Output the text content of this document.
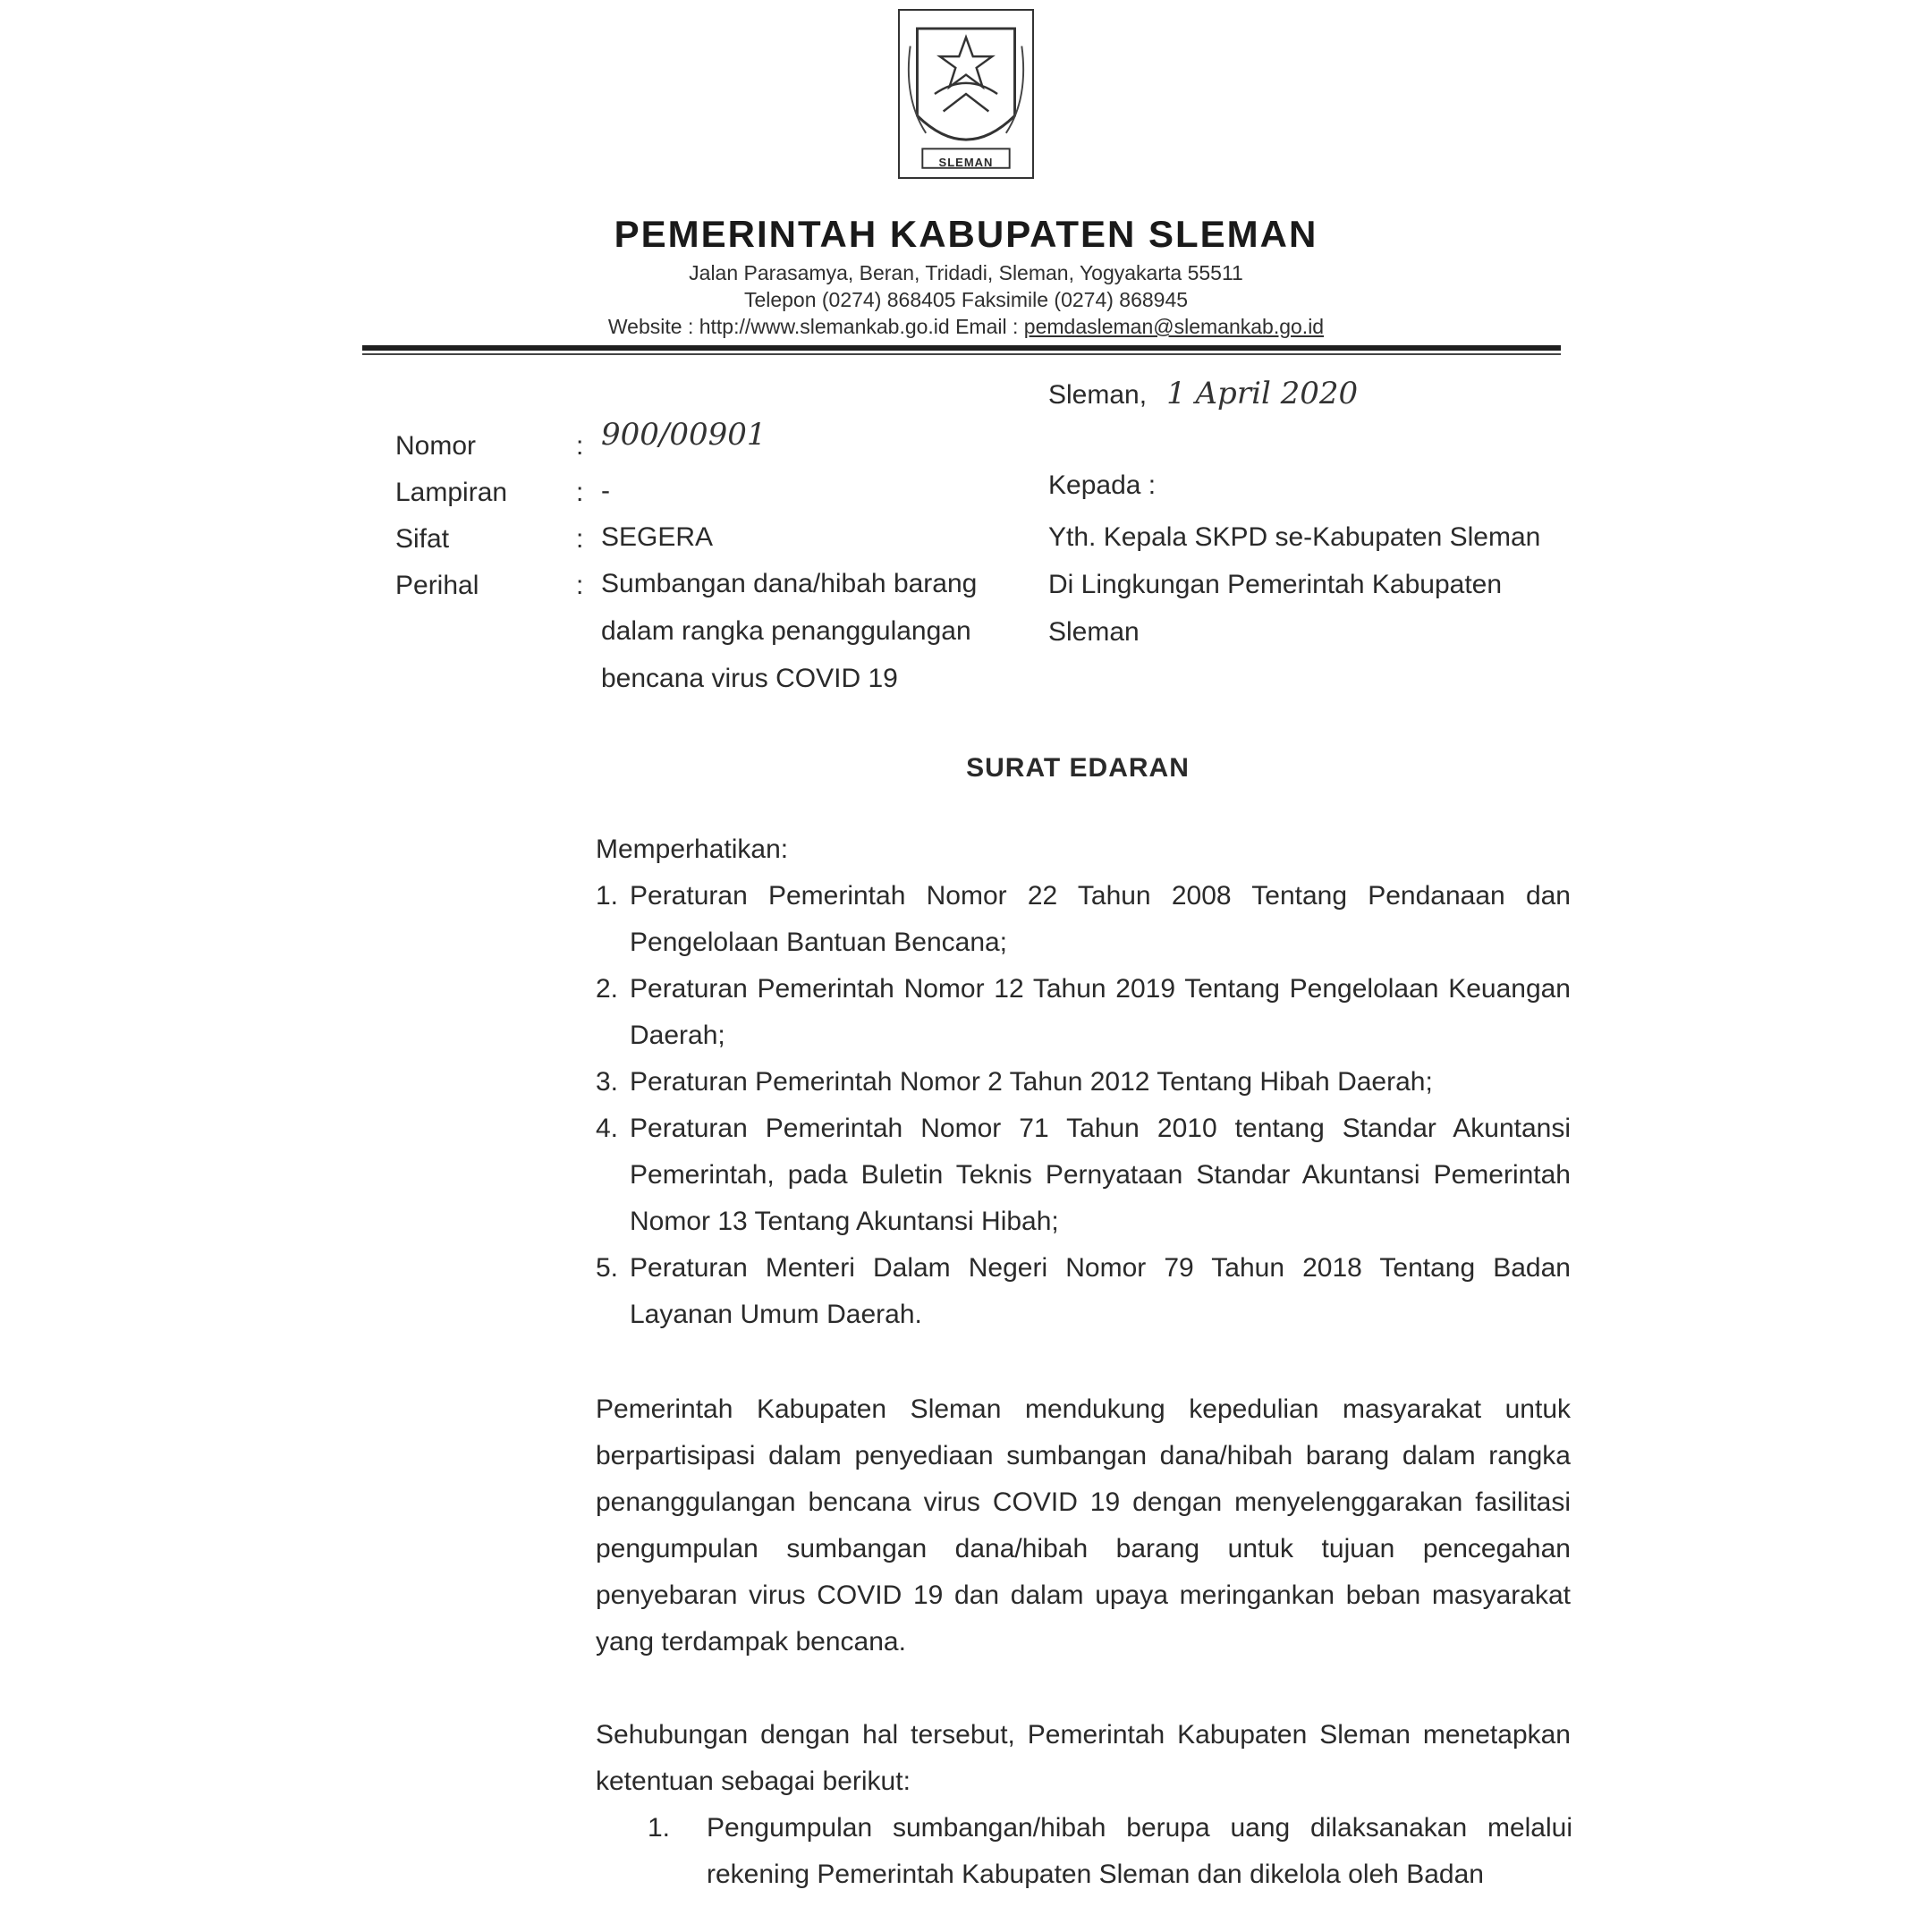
SLEMAN
PEMERINTAH KABUPATEN SLEMAN
Jalan Parasamya, Beran, Tridadi, Sleman, Yogyakarta 55511
Telepon (0274) 868405 Faksimile (0274) 868945
Website : http://www.slemankab.go.id Email : pemdasleman@slemankab.go.id
Sleman, 1 April 2020
Kepada :
Yth. Kepala SKPD se-Kabupaten Sleman Di Lingkungan Pemerintah Kabupaten Sleman
Nomor	: 900/00901
Lampiran	: -
Sifat	: SEGERA
Perihal	: Sumbangan dana/hibah barang dalam rangka penanggulangan bencana virus COVID 19
SURAT EDARAN
Memperhatikan:
1. Peraturan Pemerintah Nomor 22 Tahun 2008 Tentang Pendanaan dan Pengelolaan Bantuan Bencana;
2. Peraturan Pemerintah Nomor 12 Tahun 2019 Tentang Pengelolaan Keuangan Daerah;
3. Peraturan Pemerintah Nomor 2 Tahun 2012 Tentang Hibah Daerah;
4. Peraturan Pemerintah Nomor 71 Tahun 2010 tentang Standar Akuntansi Pemerintah, pada Buletin Teknis Pernyataan Standar Akuntansi Pemerintah Nomor 13 Tentang Akuntansi Hibah;
5. Peraturan Menteri Dalam Negeri Nomor 79 Tahun 2018 Tentang Badan Layanan Umum Daerah.
Pemerintah Kabupaten Sleman mendukung kepedulian masyarakat untuk berpartisipasi dalam penyediaan sumbangan dana/hibah barang dalam rangka penanggulangan bencana virus COVID 19 dengan menyelenggarakan fasilitasi pengumpulan sumbangan dana/hibah barang untuk tujuan pencegahan penyebaran virus COVID 19 dan dalam upaya meringankan beban masyarakat yang terdampak bencana.
Sehubungan dengan hal tersebut, Pemerintah Kabupaten Sleman menetapkan ketentuan sebagai berikut:
1. Pengumpulan sumbangan/hibah berupa uang dilaksanakan melalui rekening Pemerintah Kabupaten Sleman dan dikelola oleh Badan
